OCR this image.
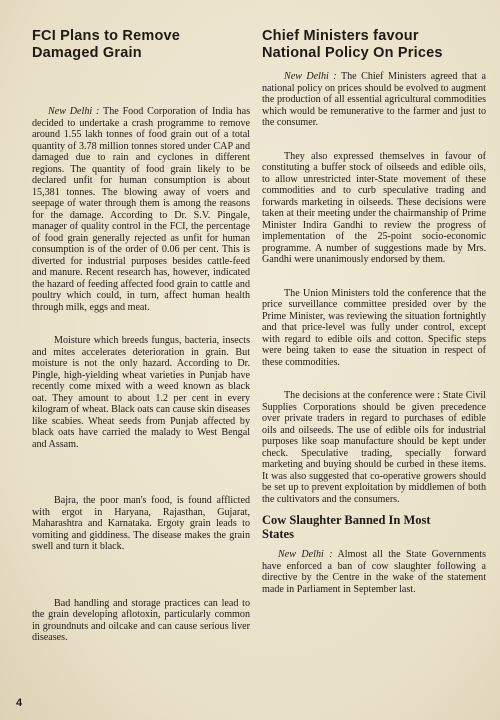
FCI Plans to Remove Damaged Grain

New Delhi : The Food Corporation of India has decided to undertake a crash programme to remove around 1.55 lakh tonnes of food grain out of a total quantity of 3.78 million tonnes stored under CAP and damaged due to rain and cyclones in different regions. The quantity of food grain likely to be declared unfit for human consumption is about 15,381 tonnes. The blowing away of voers and seepage of water through them is among the reasons for the damage. According to Dr. S.V. Pingale, manager of quality control in the FCI, the percentage of food grain generally rejected as unfit for human consumption is of the order of 0.06 per cent. This is diverted for industrial purposes besides cattle-feed and manure. Recent research has, however, indicated the hazard of feeding affected food grain to cattle and poultry which could, in turn, affect human health through milk, eggs and meat.

Moisture which breeds fungus, bacteria, insects and mites accelerates deterioration in grain. But moisture is not the only hazard. According to Dr. Pingle, high-yielding wheat varieties in Punjab have recently come mixed with a weed known as black oat. They amount to about 1.2 per cent in every kilogram of wheat. Black oats can cause skin diseases like scabies. Wheat seeds from Punjab affected by black oats have carried the malady to West Bengal and Assam.

Bajra, the poor man's food, is found afflicted with ergot in Haryana, Rajasthan, Gujarat, Maharashtra and Karnataka. Ergoty grain leads to vomiting and giddiness. The disease makes the grain swell and turn it black.

Bad handling and storage practices can lead to the grain developing aflotoxin, particularly common in groundnuts and oilcake and can cause serious liver diseases.

Chief Ministers favour National Policy On Prices

New Delhi : The Chief Ministers agreed that a national policy on prices should be evolved to augment the production of all essential agricultural commodities which would be remunerative to the farmer and just to the consumer.

They also expressed themselves in favour of constituting a buffer stock of oilseeds and edible oils, to allow unrestricted inter-State movement of these commodities and to curb speculative trading and forwards marketing in oilseeds. These decisions were taken at their meeting under the chairmanship of Prime Minister Indira Gandhi to review the progress of implementation of the 25-point socio-economic programme. A number of suggestions made by Mrs. Gandhi were unanimously endorsed by them.

The Union Ministers told the conference that the price surveillance committee presided over by the Prime Minister, was reviewing the situation fortnightly and that price-level was fully under control, except with regard to edible oils and cotton. Specific steps were being taken to ease the situation in respect of these commodities.

The decisions at the conference were : State Civil Supplies Corporations should be given precedence over private traders in regard to purchases of edible oils and oilseeds. The use of edible oils for industrial purposes like soap manufacture should be kept under check. Speculative trading, specially forward marketing and buying should be curbed in these items. It was also suggested that co-operative growers should be set up to prevent exploitation by middlemen of both the cultivators and the consumers.

Cow Slaughter Banned In Most States

New Delhi : Almost all the State Governments have enforced a ban of cow slaughter following a directive by the Centre in the wake of the statement made in Parliament in September last.

4
